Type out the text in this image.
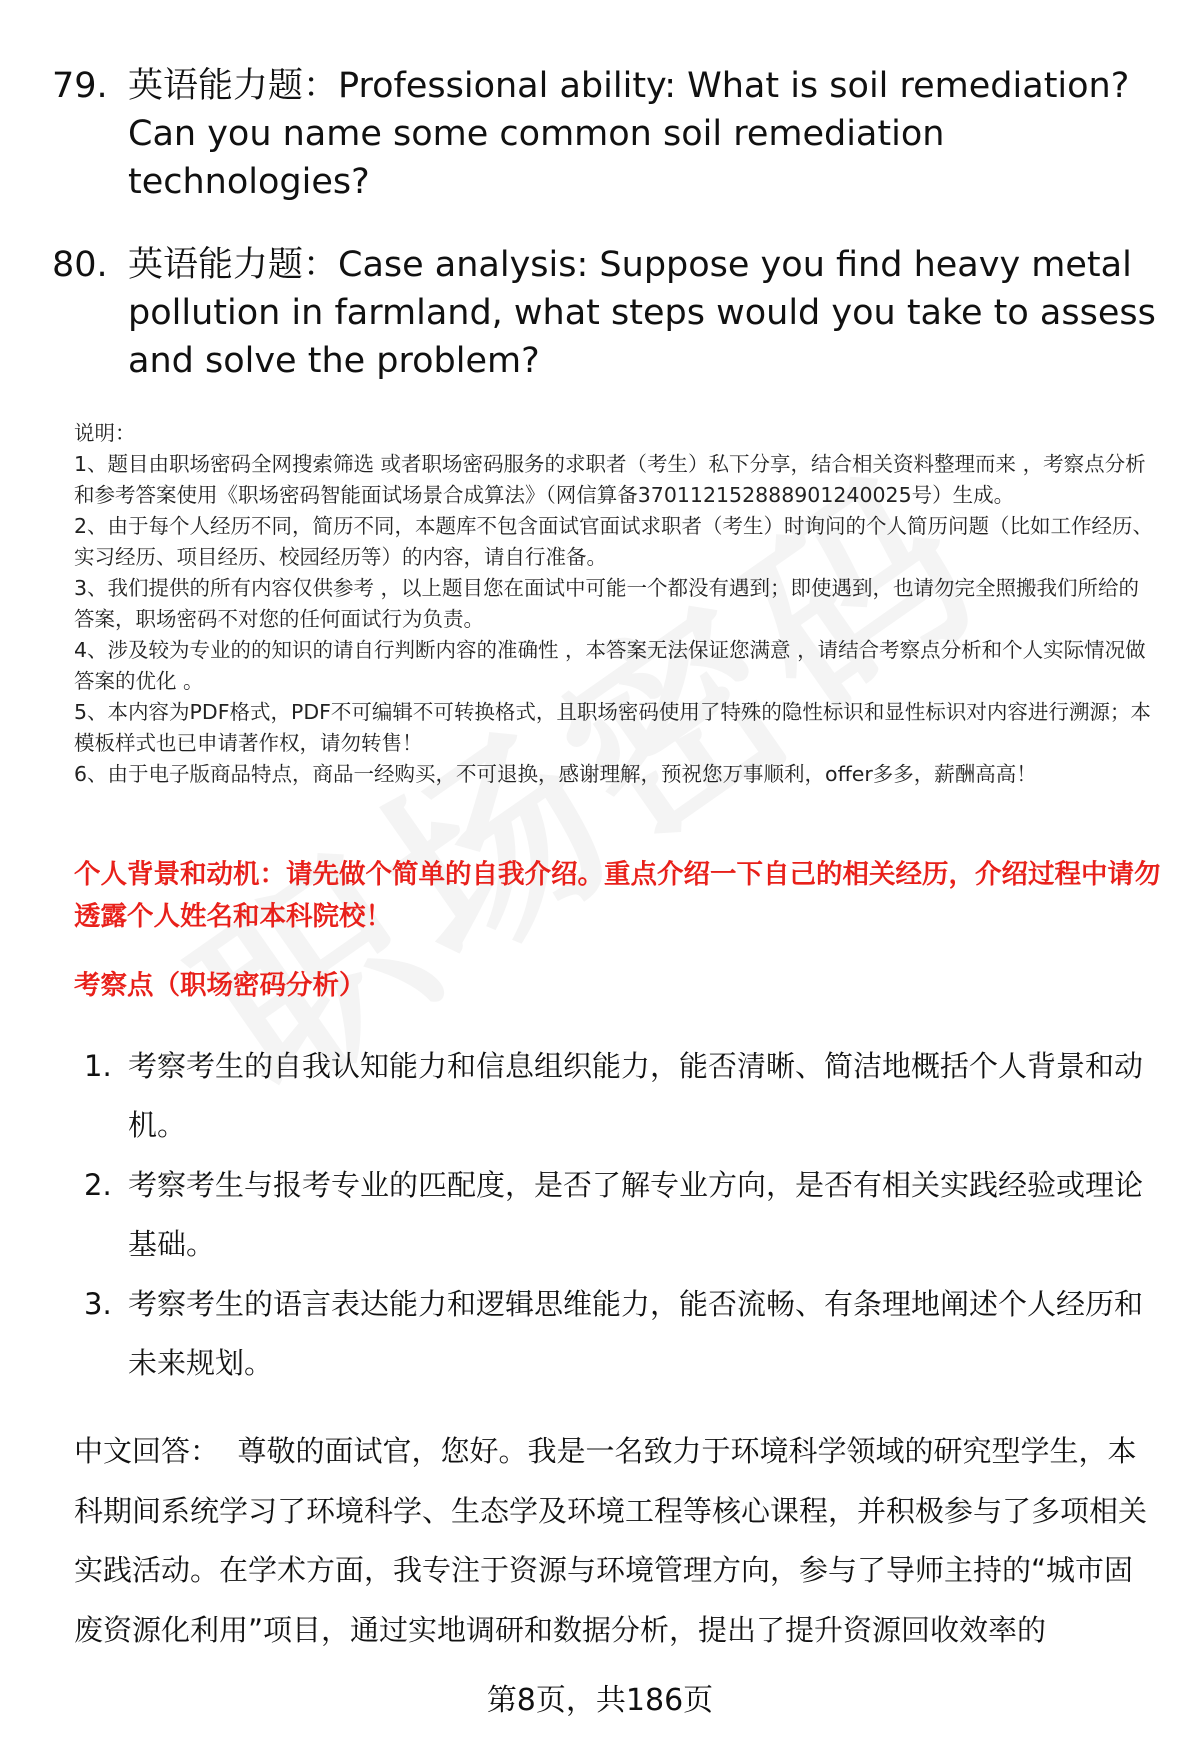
79. 英语能力题：Professional ability: What is soil remediation? Can you name some common soil remediation technologies?
80. 英语能力题：Case analysis: Suppose you find heavy metal pollution in farmland, what steps would you take to assess and solve the problem?

说明：

1、题目由职场密码全网搜索筛选 或者职场密码服务的求职者（考生）私下分享，结合相关资料整理而来 ，考察点分析和参考答案使用《职场密码智能面试场景合成算法》（网信算备370112152888901240025号）生成。

2、由于每个人经历不同，简历不同，本题库不包含面试官面试求职者（考生）时询问的个人简历问题（比如工作经历、实习经历、项目经历、校园经历等）的内容，请自行准备。

3、我们提供的所有内容仅供参考 ，以上题目您在面试中可能一个都没有遇到；即使遇到，也请勿完全照搬我们所给的答案，职场密码不对您的任何面试行为负责。

4、涉及较为专业的的知识的请自行判断内容的准确性 ，本答案无法保证您满意 ，请结合考察点分析和个人实际情况做答案的优化 。

5、本内容为PDF格式，PDF不可编辑不可转换格式，且职场密码使用了特殊的隐性标识和显性标识对内容进行溯源；本模板样式也已申请著作权，请勿转售！

6、由于电子版商品特点，商品一经购买，不可退换，感谢理解，预祝您万事顺利，offer多多，薪酬高高！

个人背景和动机：请先做个简单的自我介绍。重点介绍一下自己的相关经历，介绍过程中请勿透露个人姓名和本科院校！
考察点（职场密码分析）
1. 考察考生的自我认知能力和信息组织能力，能否清晰、简洁地概括个人背景和动机。
2. 考察考生与报考专业的匹配度，是否了解专业方向，是否有相关实践经验或理论基础。
3. 考察考生的语言表达能力和逻辑思维能力，能否流畅、有条理地阐述个人经历和未来规划。
中文回答： 尊敬的面试官，您好。我是一名致力于环境科学领域的研究型学生，本科期间系统学习了环境科学、生态学及环境工程等核心课程，并积极参与了多项相关实践活动。在学术方面，我专注于资源与环境管理方向，参与了导师主持的“城市固废资源化利用”项目，通过实地调研和数据分析，提出了提升资源回收效率的
第8页，共186页
